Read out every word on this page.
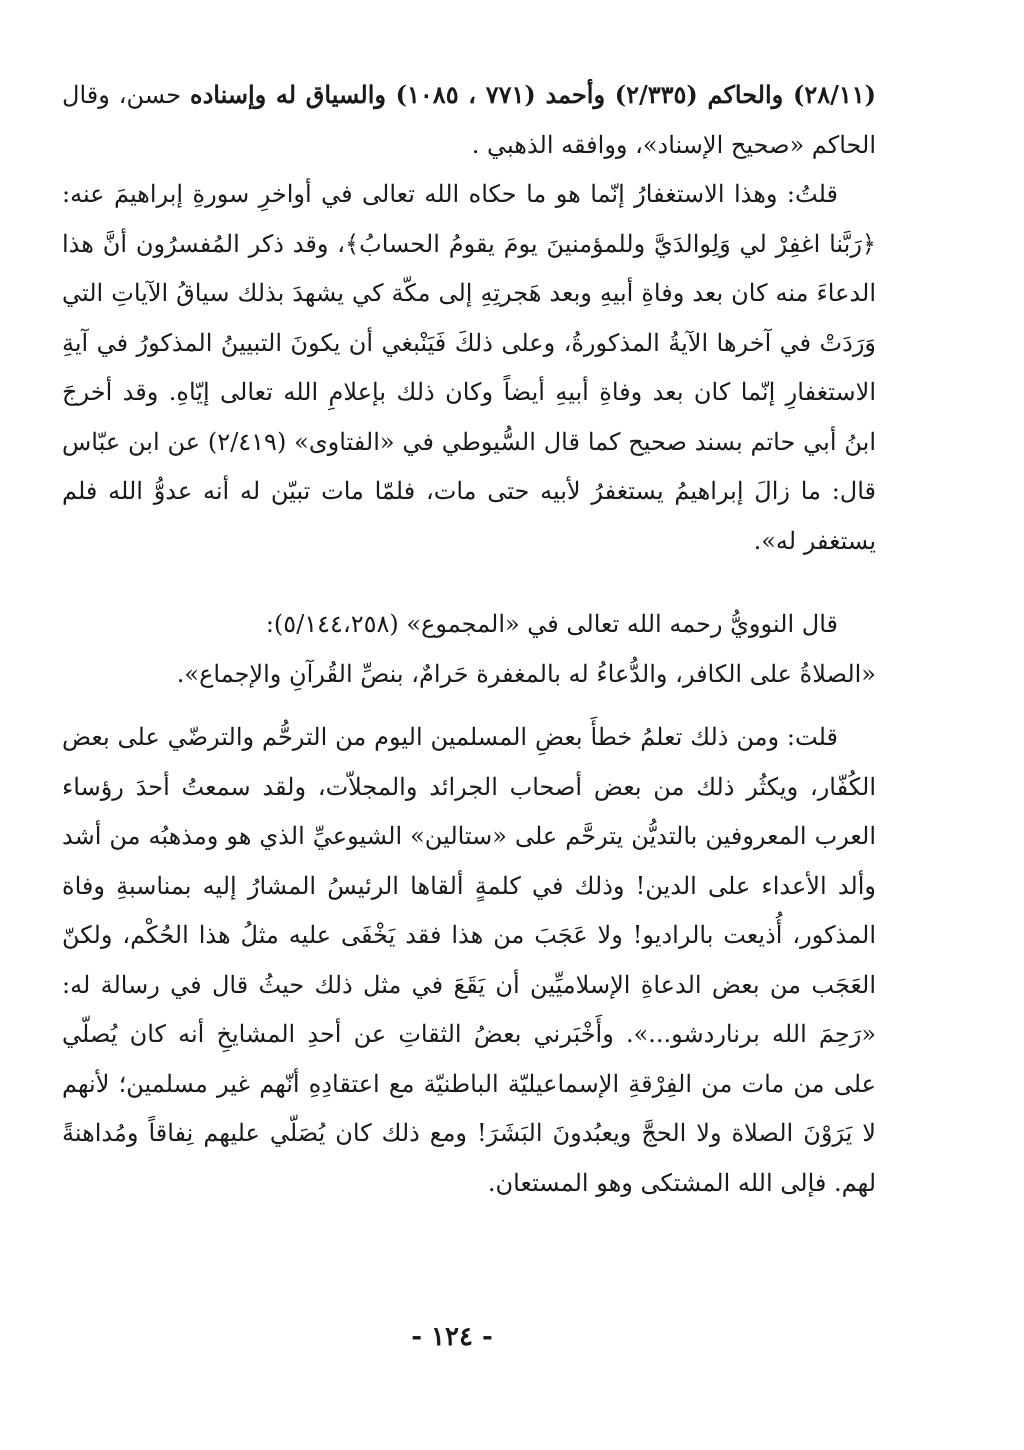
(٢٨/١١) والحاكم (٢/٣٣٥) وأحمد (٧٧١ ، ١٠٨٥) والسياق له وإسناده حسن، وقال الحاكم «صحيح الإسناد»، ووافقه الذهبي .

قلتُ: وهذا الاستغفارُ إنّما هو ما حكاه الله تعالى في أواخرِ سورةِ إبراهيمَ عنه: ﴿رَبَّنا اغفِرْ لي وَلِوالدَيَّ وللمؤمنينَ يومَ يقومُ الحسابُ﴾، وقد ذكر المُفسرُون أنَّ هذا الدعاءَ منه كان بعد وفاةِ أبيهِ وبعد هَجرتِهِ إلى مكّة كي يشهدَ بذلك سياقُ الآياتِ التي وَرَدَتْ في آخرها الآيةُ المذكورةُ، وعلى ذلكَ فَيَنْبغي أن يكونَ التبيينُ المذكورُ في آيةِ الاستغفارِ إنّما كان بعد وفاةِ أبيهِ أيضاً وكان ذلك بإعلامِ الله تعالى إيّاهِ. وقد أخرجَ ابنُ أبي حاتم بسند صحيح كما قال السُّيوطي في «الفتاوى» (٢/٤١٩) عن ابن عبّاس قال: ما زالَ إبراهيمُ يستغفرُ لأبيه حتى مات، فلمّا مات تبيّن له أنه عدوُّ الله فلم يستغفر له».

قال النوويُّ رحمه الله تعالى في «المجموع» (٥/١٤٤،٢٥٨):

«الصلاةُ على الكافر، والدُّعاءُ له بالمغفرة حَرامٌ، بنصِّ القُرآنِ والإجماع».

قلت: ومن ذلك تعلمُ خطأَ بعضِ المسلمين اليوم من الترحُّم والترضّي على بعض الكُفّار، ويكثُر ذلك من بعض أصحاب الجرائد والمجلاّت، ولقد سمعتُ أحدَ رؤساء العرب المعروفين بالتديُّن يترحَّم على «ستالين» الشيوعيِّ الذي هو ومذهبُه من أشد وألد الأعداء على الدين! وذلك في كلمةٍ ألقاها الرئيسُ المشارُ إليه بمناسبةِ وفاة المذكور، أُذيعت بالراديو! ولا عَجَبَ من هذا فقد يَخْفَى عليه مثلُ هذا الحُكْم، ولكنّ العَجَب من بعض الدعاةِ الإسلاميِّين أن يَقَعَ في مثل ذلك حيثُ قال في رسالة له: «رَحِمَ الله برناردشو...». وأَخْبَرني بعضُ الثقاتِ عن أحدِ المشايخِ أنه كان يُصلّي على من مات من الفِرْقةِ الإسماعيليّة الباطنيّة مع اعتقادِهِ أنّهم غير مسلمين؛ لأنهم لا يَرَوْنَ الصلاة ولا الحجَّ ويعبُدونَ البَشَرَ! ومع ذلك كان يُصَلّي عليهم نِفاقاً ومُداهنةً لهم. فإلى الله المشتكى وهو المستعان.

- ١٢٤ -
